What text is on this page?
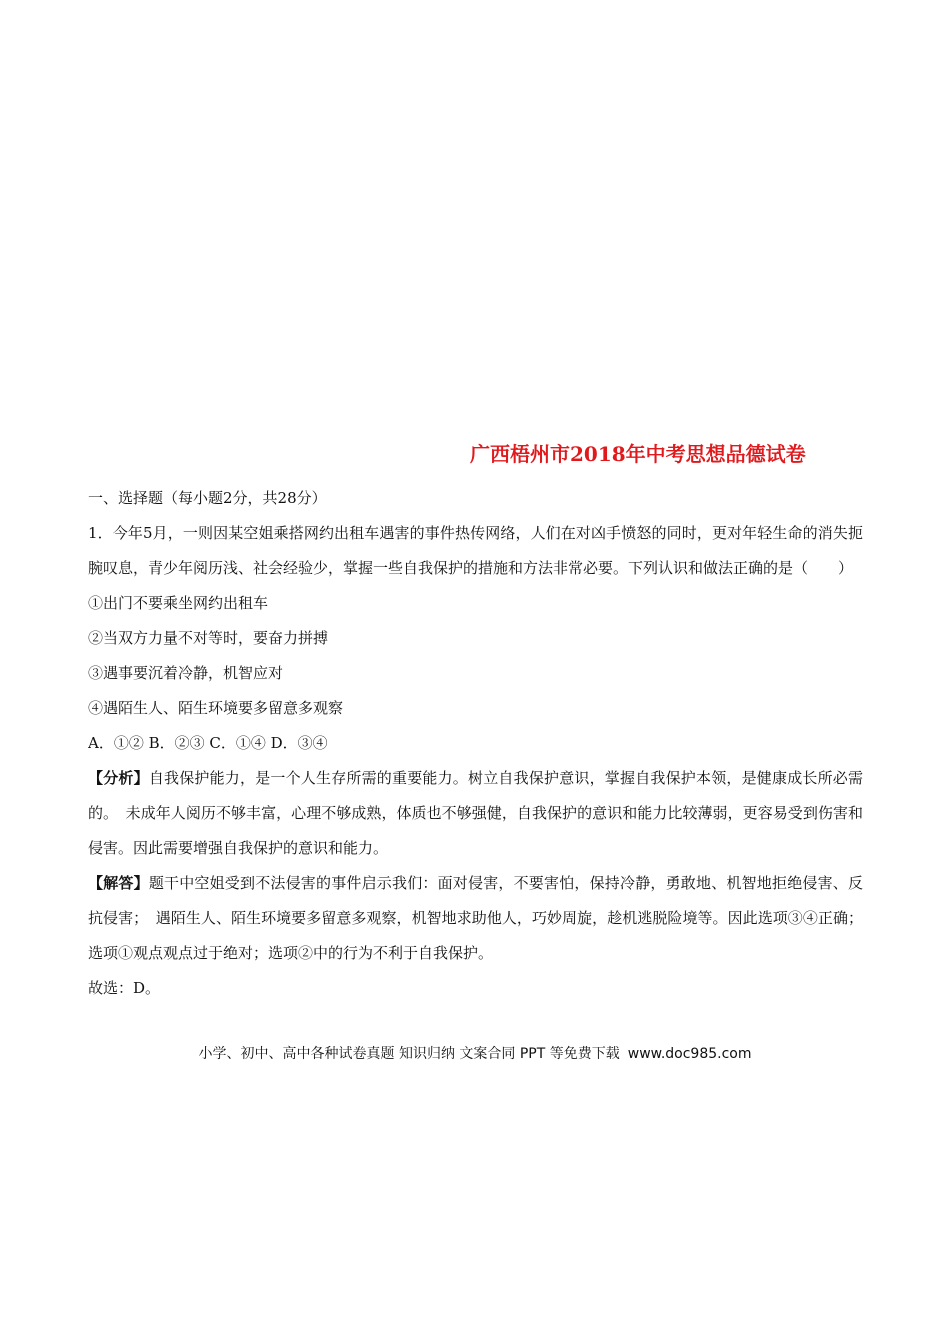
广西梧州市2018年中考思想品德试卷
一、选择题（每小题2分，共28分）
1．今年5月，一则因某空姐乘搭网约出租车遇害的事件热传网络，人们在对凶手愤怒的同时，更对年轻生命的消失扼腕叹息，青少年阅历浅、社会经验少，掌握一些自我保护的措施和方法非常必要。下列认识和做法正确的是（　　）
①出门不要乘坐网约出租车
②当双方力量不对等时，要奋力拼搏
③遇事要沉着冷静，机智应对
④遇陌生人、陌生环境要多留意多观察
A．①② B．②③ C．①④ D．③④
【分析】自我保护能力，是一个人生存所需的重要能力。树立自我保护意识，掌握自我保护本领，是健康成长所必需的。　未成年人阅历不够丰富，心理不够成熟，体质也不够强健，自我保护的意识和能力比较薄弱，更容易受到伤害和侵害。因此需要增强自我保护的意识和能力。
【解答】题干中空姐受到不法侵害的事件启示我们：面对侵害，不要害怕，保持冷静，勇敢地、机智地拒绝侵害、反抗侵害；　遇陌生人、陌生环境要多留意多观察，机智地求助他人，巧妙周旋，趁机逃脱险境等。因此选项③④正确；选项①观点观点过于绝对；选项②中的行为不利于自我保护。
故选：D。
小学、初中、高中各种试卷真题 知识归纳 文案合同 PPT 等免费下载 www.doc985.com
